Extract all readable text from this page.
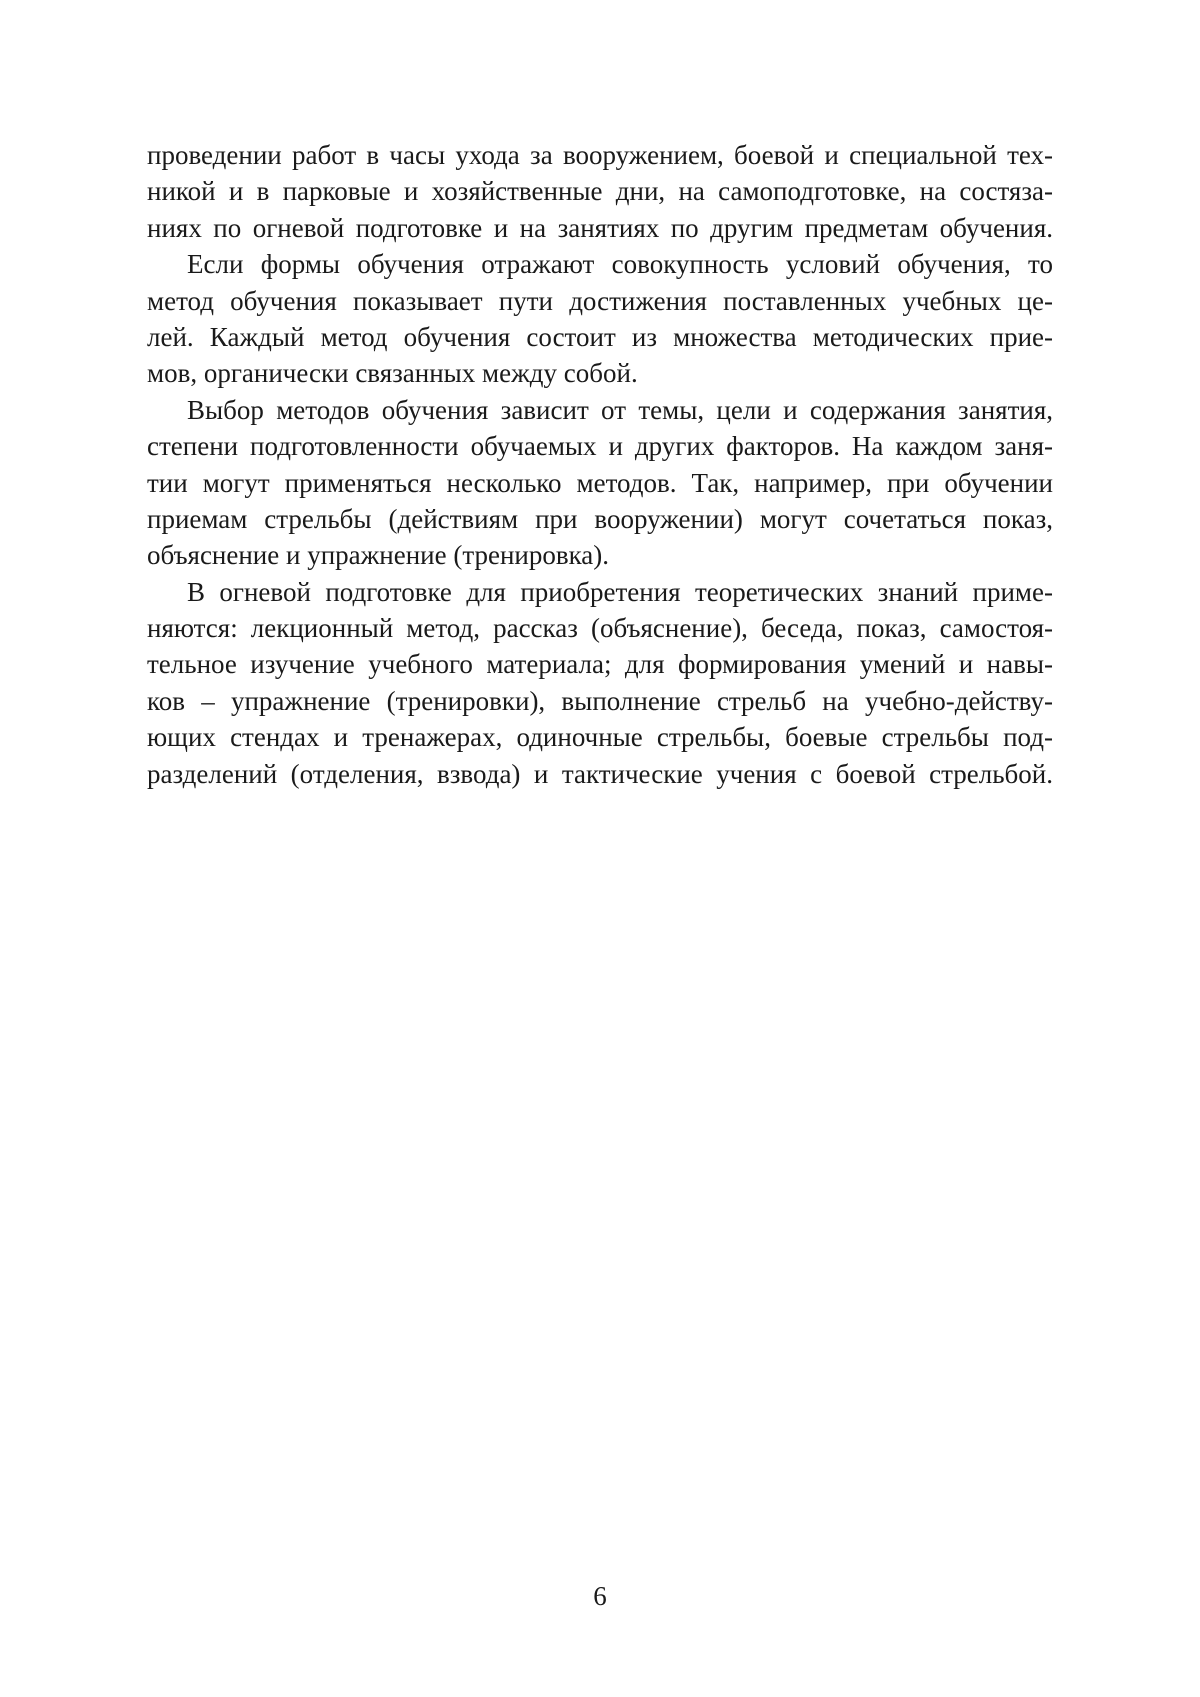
проведении работ в часы ухода за вооружением, боевой и специальной тех-
никой и в парковые и хозяйственные дни, на самоподготовке, на состяза-
ниях по огневой подготовке и на занятиях по другим предметам обучения.
Если формы обучения отражают совокупность условий обучения, то
метод обучения показывает пути достижения поставленных учебных це-
лей. Каждый метод обучения состоит из множества методических прие-
мов, органически связанных между собой.
Выбор методов обучения зависит от темы, цели и содержания занятия,
степени подготовленности обучаемых и других факторов. На каждом заня-
тии могут применяться несколько методов. Так, например, при обучении
приемам стрельбы (действиям при вооружении) могут сочетаться показ,
объяснение и упражнение (тренировка).
В огневой подготовке для приобретения теоретических знаний приме-
няются: лекционный метод, рассказ (объяснение), беседа, показ, самостоя-
тельное изучение учебного материала; для формирования умений и навы-
ков – упражнение (тренировки), выполнение стрельб на учебно-действу-
ющих стендах и тренажерах, одиночные стрельбы, боевые стрельбы под-
разделений (отделения, взвода) и тактические учения с боевой стрельбой.
6
